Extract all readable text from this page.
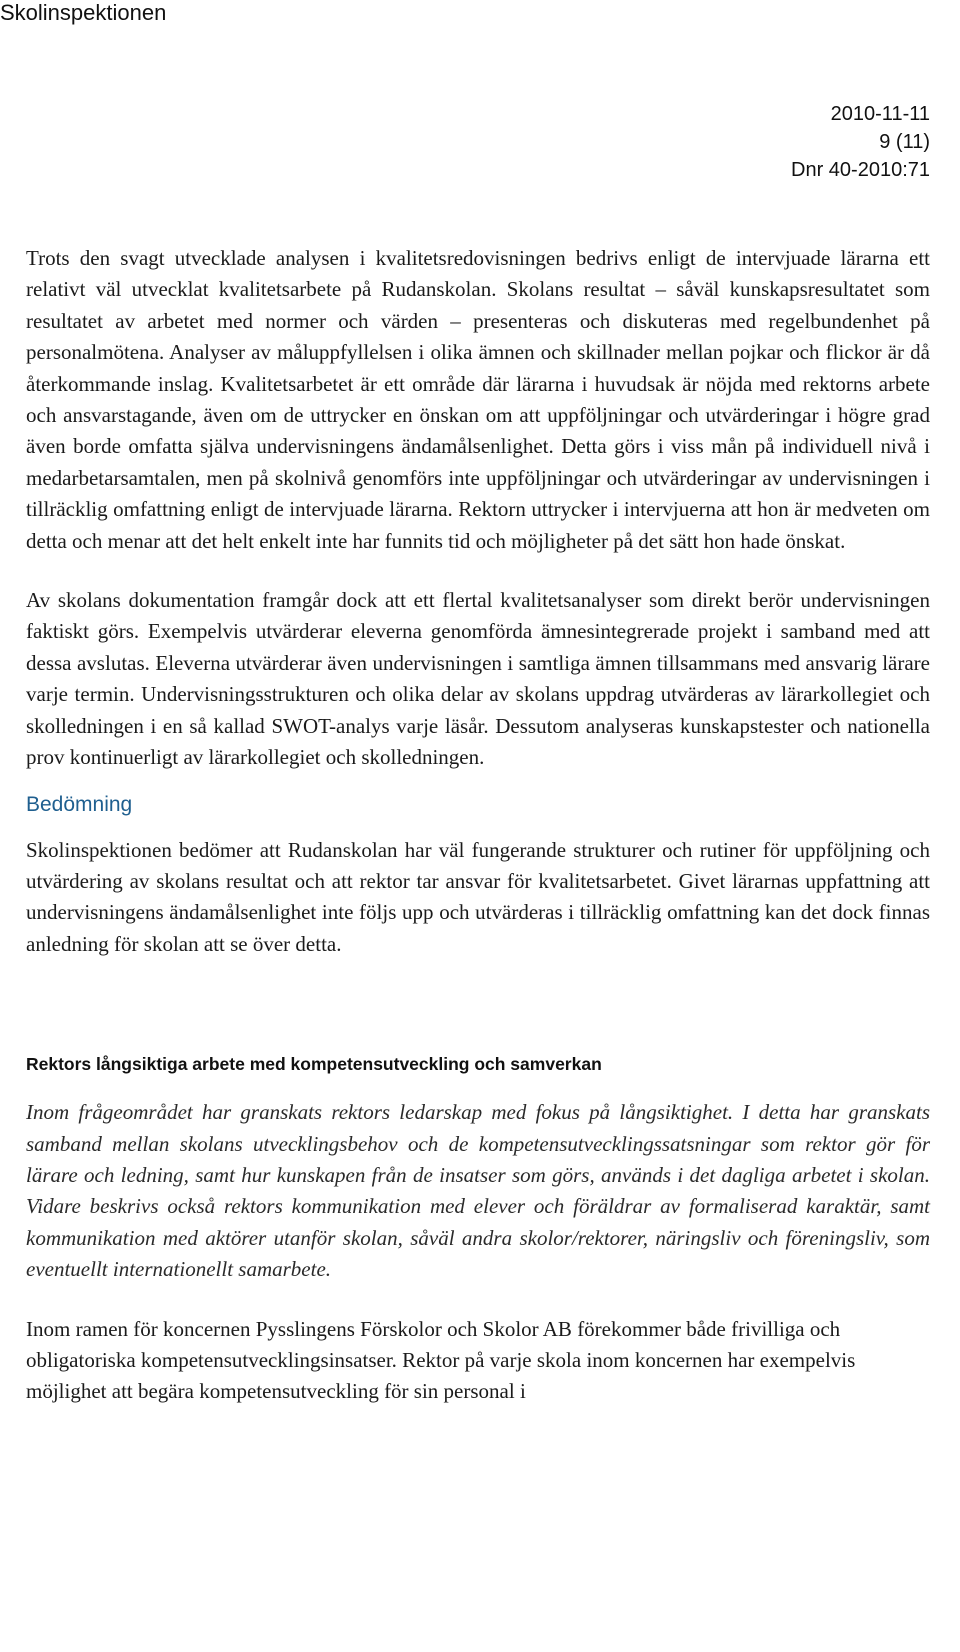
Skolinspektionen
2010-11-11
9 (11)
Dnr 40-2010:71

Trots den svagt utvecklade analysen i kvalitetsredovisningen bedrivs enligt de intervjuade lärarna ett relativt väl utvecklat kvalitetsarbete på Rudanskolan. Skolans resultat – såväl kunskapsresultatet som resultatet av arbetet med normer och värden – presenteras och diskuteras med regelbundenhet på personalmötena. Analyser av måluppfyllelsen i olika ämnen och skillnader mellan pojkar och flickor är då återkommande inslag. Kvalitetsarbetet är ett område där lärarna i huvudsak är nöjda med rektorns arbete och ansvarstagande, även om de uttrycker en önskan om att uppföljningar och utvärderingar i högre grad även borde omfatta själva undervisningens ändamålsenlighet. Detta görs i viss mån på individuell nivå i medarbetarsamtalen, men på skolnivå genomförs inte uppföljningar och utvärderingar av undervisningen i tillräcklig omfattning enligt de intervjuade lärarna. Rektorn uttrycker i intervjuerna att hon är medveten om detta och menar att det helt enkelt inte har funnits tid och möjligheter på det sätt hon hade önskat.

Av skolans dokumentation framgår dock att ett flertal kvalitetsanalyser som direkt berör undervisningen faktiskt görs. Exempelvis utvärderar eleverna genomförda ämnesintegrerade projekt i samband med att dessa avslutas. Eleverna utvärderar även undervisningen i samtliga ämnen tillsammans med ansvarig lärare varje termin. Undervisningsstrukturen och olika delar av skolans uppdrag utvärderas av lärarkollegiet och skolledningen i en så kallad SWOT-analys varje läsår. Dessutom analyseras kunskapstester och nationella prov kontinuerligt av lärarkollegiet och skolledningen.

Bedömning

Skolinspektionen bedömer att Rudanskolan har väl fungerande strukturer och rutiner för uppföljning och utvärdering av skolans resultat och att rektor tar ansvar för kvalitetsarbetet. Givet lärarnas uppfattning att undervisningens ändamålsenlighet inte följs upp och utvärderas i tillräcklig omfattning kan det dock finnas anledning för skolan att se över detta.

Rektors långsiktiga arbete med kompetensutveckling och samverkan

Inom frågeområdet har granskats rektors ledarskap med fokus på långsiktighet. I detta har granskats samband mellan skolans utvecklingsbehov och de kompetensutvecklingssatsningar som rektor gör för lärare och ledning, samt hur kunskapen från de insatser som görs, används i det dagliga arbetet i skolan. Vidare beskrivs också rektors kommunikation med elever och föräldrar av formaliserad karaktär, samt kommunikation med aktörer utanför skolan, såväl andra skolor/rektorer, näringsliv och föreningsliv, som eventuellt internationellt samarbete.

Inom ramen för koncernen Pysslingens Förskolor och Skolor AB förekommer både frivilliga och obligatoriska kompetensutvecklingsinsatser. Rektor på varje skola inom koncernen har exempelvis möjlighet att begära kompetensutveckling för sin personal i
